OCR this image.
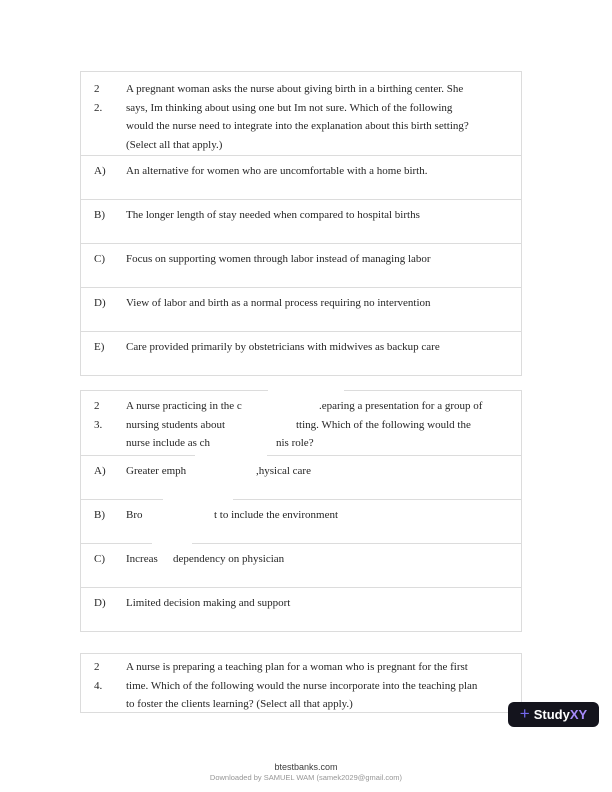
22.
A pregnant woman asks the nurse about giving birth in a birthing center. She
says, Im thinking about using one but Im not sure. Which of the following
would the nurse need to integrate into the explanation about this birth setting?
(Select all that apply.)
A) An alternative for women who are uncomfortable with a home birth.
B) The longer length of stay needed when compared to hospital births
C) Focus on supporting women through labor instead of managing labor
D) View of labor and birth as a normal process requiring no intervention
E) Care provided primarily by obstetricians with midwives as backup care
23.
A nurse practicing in the c	.eparing a presentation for a group of
nursing students about	tting. Which of the following would the
nurse include as ch	nis role?
A) Greater emph	,hysical care
B) Bro	t to include the environment
C) Increas dependency on physician
D) Limited decision making and support
24.
A nurse is preparing a teaching plan for a woman who is pregnant for the first
time. Which of the following would the nurse incorporate into the teaching plan
to foster the clients learning? (Select all that apply.)	+ StudyXY
btestbanks.com
Downloaded by SAMUEL WAM (samek2029@gmail.com)
